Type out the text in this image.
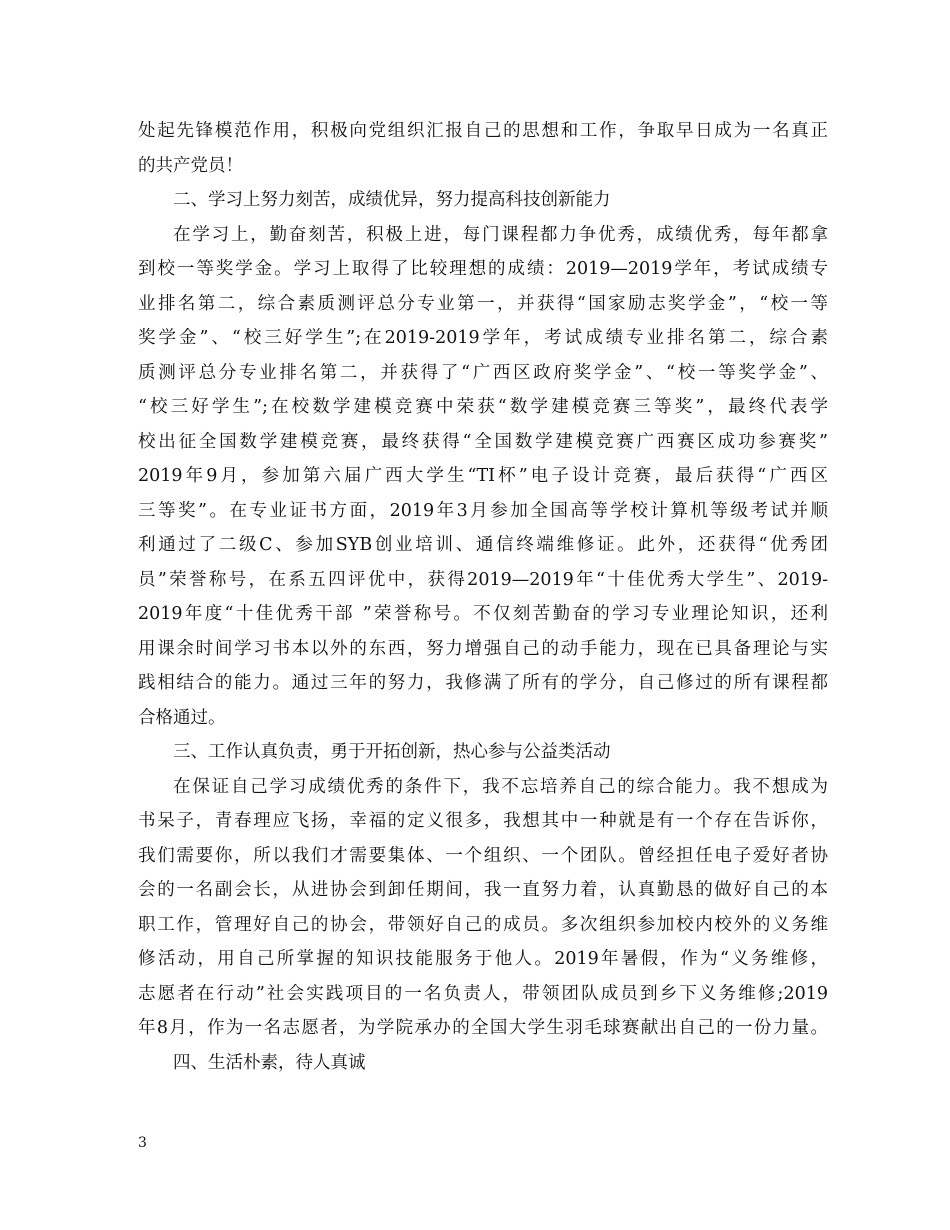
处起先锋模范作用，积极向党组织汇报自己的思想和工作，争取早日成为一名真正
的共产党员！
二、学习上努力刻苦，成绩优异，努力提高科技创新能力
在学习上，勤奋刻苦，积极上进，每门课程都力争优秀，成绩优秀，每年都拿
到校一等奖学金。学习上取得了比较理想的成绩：2019—2019学年，考试成绩专
业排名第二，综合素质测评总分专业第一，并获得“国家励志奖学金”，“校一等
奖学金”、“校三好学生”;在2019-2019学年，考试成绩专业排名第二，综合素
质测评总分专业排名第二，并获得了“广西区政府奖学金”、“校一等奖学金”、
“校三好学生”;在校数学建模竞赛中荣获“数学建模竞赛三等奖”，最终代表学
校出征全国数学建模竞赛，最终获得“全国数学建模竞赛广西赛区成功参赛奖”
2019年9月，参加第六届广西大学生“TI杯”电子设计竞赛，最后获得“广西区
三等奖”。在专业证书方面，2019年3月参加全国高等学校计算机等级考试并顺
利通过了二级C、参加SYB创业培训、通信终端维修证。此外，还获得“优秀团
员”荣誉称号，在系五四评优中，获得2019—2019年“十佳优秀大学生”、2019-
2019年度“十佳优秀干部 ”荣誉称号。不仅刻苦勤奋的学习专业理论知识，还利
用课余时间学习书本以外的东西，努力增强自己的动手能力，现在已具备理论与实
践相结合的能力。通过三年的努力，我修满了所有的学分，自己修过的所有课程都
合格通过。
三、工作认真负责，勇于开拓创新，热心参与公益类活动
在保证自己学习成绩优秀的条件下，我不忘培养自己的综合能力。我不想成为
书呆子，青春理应飞扬，幸福的定义很多，我想其中一种就是有一个存在告诉你，
我们需要你，所以我们才需要集体、一个组织、一个团队。曾经担任电子爱好者协
会的一名副会长，从进协会到卸任期间，我一直努力着，认真勤恳的做好自己的本
职工作，管理好自己的协会，带领好自己的成员。多次组织参加校内校外的义务维
修活动，用自己所掌握的知识技能服务于他人。2019年暑假，作为“义务维修，
志愿者在行动”社会实践项目的一名负责人，带领团队成员到乡下义务维修;2019
年8月，作为一名志愿者，为学院承办的全国大学生羽毛球赛献出自己的一份力量。
四、生活朴素，待人真诚
3
